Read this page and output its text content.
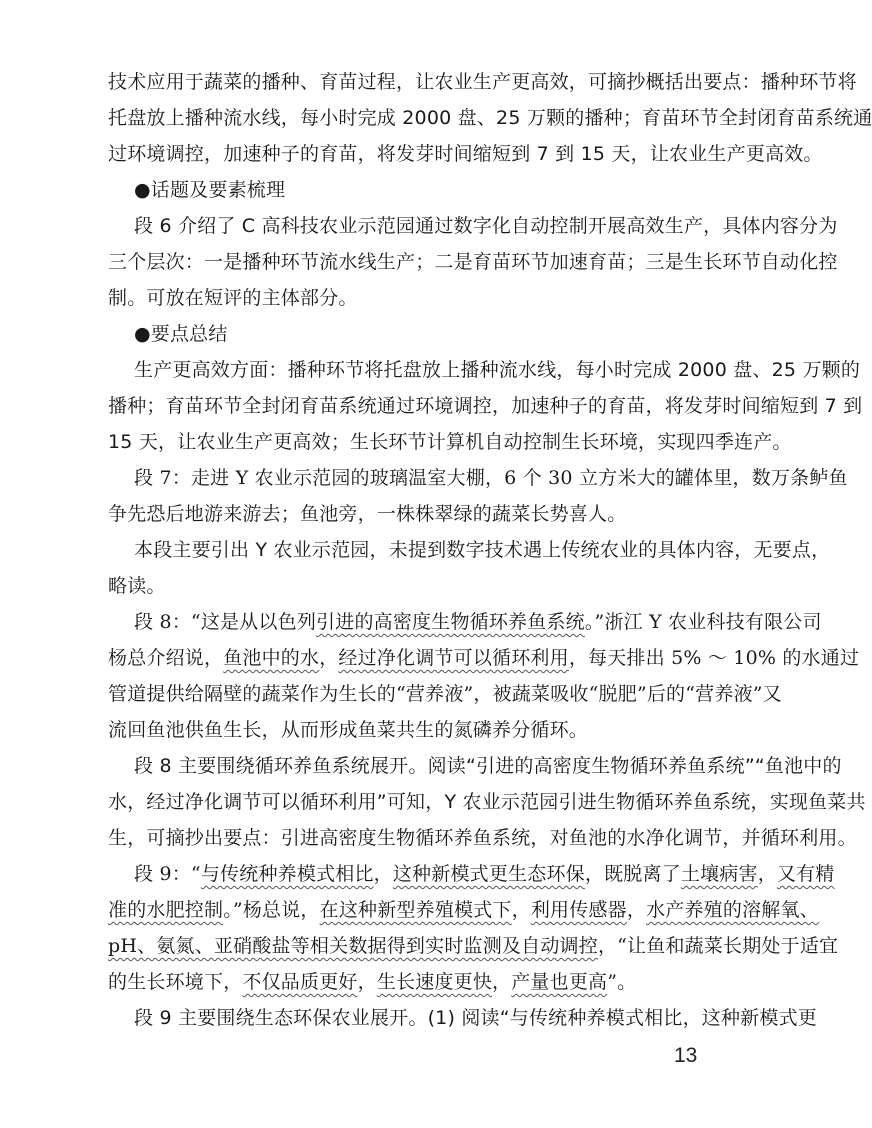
技术应用于蔬菜的播种、育苗过程，让农业生产更高效，可摘抄概括出要点：播种环节将
托盘放上播种流水线，每小时完成 2000 盘、25 万颗的播种；育苗环节全封闭育苗系统通
过环境调控，加速种子的育苗，将发芽时间缩短到 7 到 15 天，让农业生产更高效。
●话题及要素梳理
段 6 介绍了 C 高科技农业示范园通过数字化自动控制开展高效生产，具体内容分为
三个层次：一是播种环节流水线生产；二是育苗环节加速育苗；三是生长环节自动化控
制。可放在短评的主体部分。
●要点总结
生产更高效方面：播种环节将托盘放上播种流水线，每小时完成 2000 盘、25 万颗的
播种；育苗环节全封闭育苗系统通过环境调控，加速种子的育苗，将发芽时间缩短到 7 到
15 天，让农业生产更高效；生长环节计算机自动控制生长环境，实现四季连产。
段 7：走进 Y 农业示范园的玻璃温室大棚，6 个 30 立方米大的罐体里，数万条鲈鱼
争先恐后地游来游去；鱼池旁，一株株翠绿的蔬菜长势喜人。
本段主要引出 Y 农业示范园，未提到数字技术遇上传统农业的具体内容，无要点，
略读。
段 8：“这是从以色列引进的高密度生物循环养鱼系统。”浙江 Y 农业科技有限公司
杨总介绍说，鱼池中的水，经过净化调节可以循环利用，每天排出 5% ～ 10% 的水通过
管道提供给隔壁的蔬菜作为生长的“营养液”，被蔬菜吸收“脱肥”后的“营养液”又
流回鱼池供鱼生长，从而形成鱼菜共生的氮磷养分循环。
段 8 主要围绕循环养鱼系统展开。阅读“引进的高密度生物循环养鱼系统”“鱼池中的
水，经过净化调节可以循环利用”可知，Y 农业示范园引进生物循环养鱼系统，实现鱼菜共
生，可摘抄出要点：引进高密度生物循环养鱼系统，对鱼池的水净化调节，并循环利用。
段 9：“与传统种养模式相比，这种新模式更生态环保，既脱离了土壤病害，又有精
准的水肥控制。”杨总说，在这种新型养殖模式下，利用传感器，水产养殖的溶解氧、
pH、氨氮、亚硝酸盐等相关数据得到实时监测及自动调控，“让鱼和蔬菜长期处于适宜
的生长环境下，不仅品质更好，生长速度更快，产量也更高”。
段 9 主要围绕生态环保农业展开。(1) 阅读“与传统种养模式相比，这种新模式更
13
